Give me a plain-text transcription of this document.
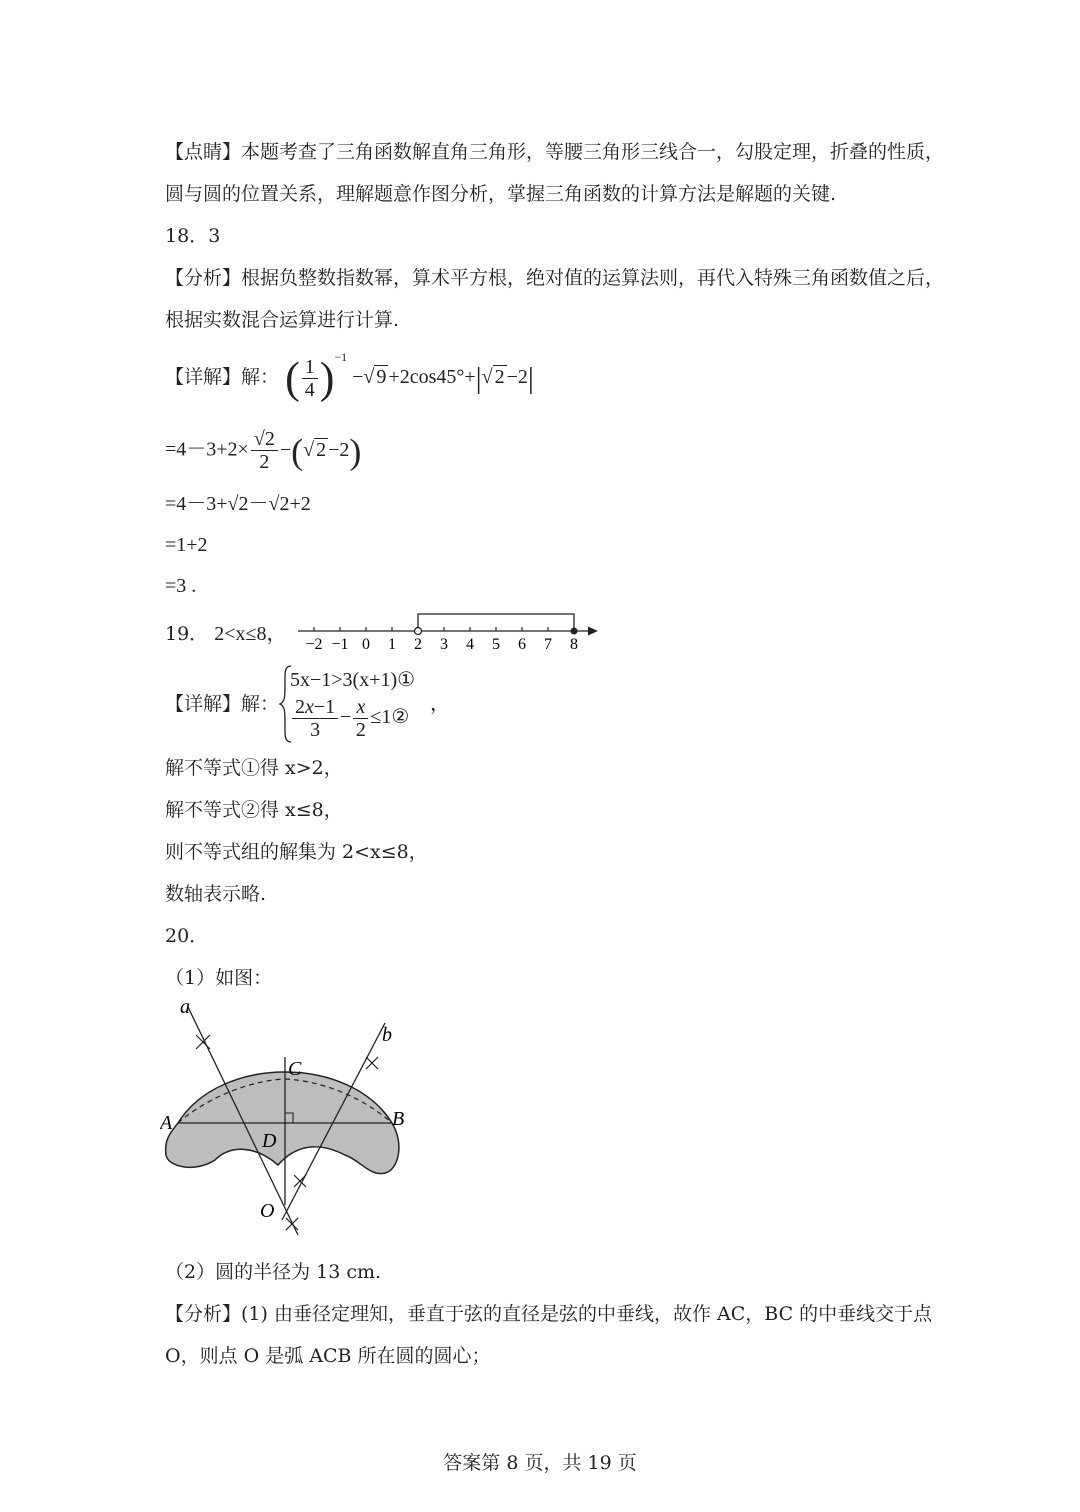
【点睛】本题考查了三角函数解直角三角形，等腰三角形三线合一，勾股定理，折叠的性质，
圆与圆的位置关系，理解题意作图分析，掌握三角函数的计算方法是解题的关键.
18．3
【分析】根据负整数指数幂，算术平方根，绝对值的运算法则，再代入特殊三角函数值之后，
根据实数混合运算进行计算.
【详解】解： ( $\frac{1}{4} )^{-1}$ −√ 9 +2cos45°+|√ 2 −2|
$=4-3+2\times \frac{√2}{2}$ −(√ 2 −2)
=4－3+√2－√2+2
=1+2
=3 .
19． 2<x≤8， −2 −1 0 1 2 3 4 5 6 7 8
【详解】解：
5x−1>3(x+1)①
$\frac{2x-1}{3} - \frac{x}{2}$ ≤1②
，
解不等式①得 x>2，
解不等式②得 x≤8，
则不等式组的解集为 2<x≤8，
数轴表示略.
20．
（1）如图：
a
b
A	B
C
D
O
（2）圆的半径为 13 cm.
【分析】(1) 由垂径定理知，垂直于弦的直径是弦的中垂线，故作 AC，BC 的中垂线交于点
O，则点 O 是弧 ACB 所在圆的圆心；
答案第 8 页，共 19 页
